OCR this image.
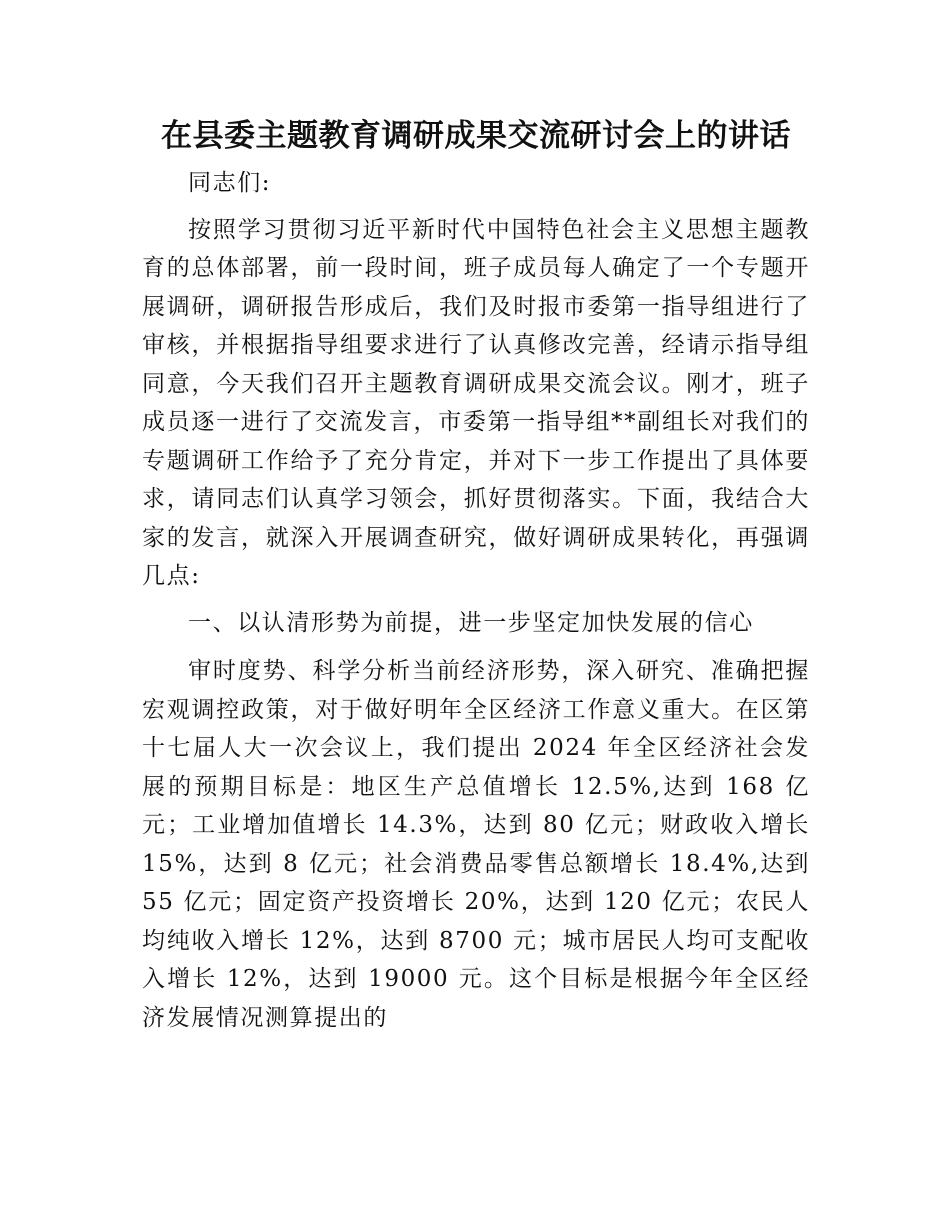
在县委主题教育调研成果交流研讨会上的讲话

同志们:

按照学习贯彻习近平新时代中国特色社会主义思想主题教育的总体部署，前一段时间，班子成员每人确定了一个专题开展调研，调研报告形成后，我们及时报市委第一指导组进行了审核，并根据指导组要求进行了认真修改完善，经请示指导组同意，今天我们召开主题教育调研成果交流会议。刚才，班子成员逐一进行了交流发言，市委第一指导组**副组长对我们的专题调研工作给予了充分肯定，并对下一步工作提出了具体要求，请同志们认真学习领会，抓好贯彻落实。下面，我结合大家的发言，就深入开展调查研究，做好调研成果转化，再强调几点:

一、以认清形势为前提，进一步坚定加快发展的信心

审时度势、科学分析当前经济形势，深入研究、准确把握宏观调控政策，对于做好明年全区经济工作意义重大。在区第十七届人大一次会议上，我们提出 2024 年全区经济社会发展的预期目标是：地区生产总值增长 12.5%,达到 168 亿元；工业增加值增长 14.3%，达到 80 亿元；财政收入增长 15%，达到 8 亿元；社会消费品零售总额增长 18.4%,达到 55 亿元；固定资产投资增长 20%，达到 120 亿元；农民人均纯收入增长 12%，达到 8700 元；城市居民人均可支配收入增长 12%，达到 19000 元。这个目标是根据今年全区经济发展情况测算提出的
